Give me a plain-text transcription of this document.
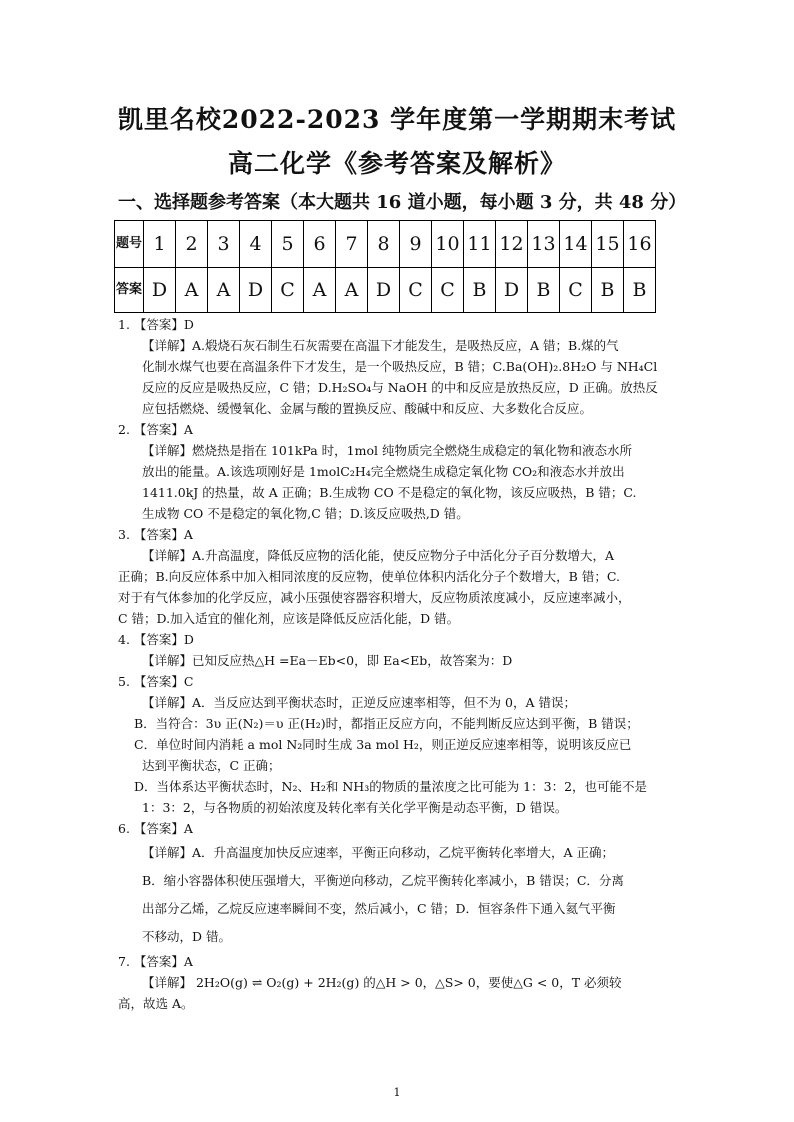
凯里名校2022-2023 学年度第一学期期末考试
高二化学《参考答案及解析》
一、选择题参考答案（本大题共 16 道小题，每小题 3 分，共 48 分）
题号	1	2	3	4	5	6	7	8	9	10	11	12	13	14	15	16
答案	D	A	A	D	C	A	A	D	C	C	B	D	B	C	B	B

1. 【答案】D

【详解】A.煅烧石灰石制生石灰需要在高温下才能发生，是吸热反应，A 错；B.煤的气

化制水煤气也要在高温条件下才发生，是一个吸热反应，B 错；C.Ba(OH)₂.8H₂O 与 NH₄Cl

反应的反应是吸热反应，C 错；D.H₂SO₄与 NaOH 的中和反应是放热反应，D 正确。放热反

应包括燃烧、缓慢氧化、金属与酸的置换反应、酸碱中和反应、大多数化合反应。

2. 【答案】A

【详解】燃烧热是指在 101kPa 时，1mol 纯物质完全燃烧生成稳定的氧化物和液态水所

放出的能量。A.该选项刚好是 1molC₂H₄完全燃烧生成稳定氧化物 CO₂和液态水并放出

1411.0kJ 的热量，故 A 正确；B.生成物 CO 不是稳定的氧化物，该反应吸热，B 错；C.

生成物 CO 不是稳定的氧化物,C 错；D.该反应吸热,D 错。

3. 【答案】A

【详解】A.升高温度，降低反应物的活化能，使反应物分子中活化分子百分数增大，A

正确；B.向反应体系中加入相同浓度的反应物，使单位体积内活化分子个数增大，B 错；C.

对于有气体参加的化学反应，减小压强使容器容积增大，反应物质浓度减小，反应速率减小，

C 错；D.加入适宜的催化剂，应该是降低反应活化能，D 错。

4. 【答案】D

【详解】已知反应热△H =Ea－Eb<0，即 Ea<Eb，故答案为：D

5. 【答案】C

【详解】A．当反应达到平衡状态时，正逆反应速率相等，但不为 0，A 错误；

B．当符合：3υ 正(N₂)＝υ 正(H₂)时，都指正反应方向，不能判断反应达到平衡，B 错误；

C．单位时间内消耗 a mol N₂同时生成 3a mol H₂，则正逆反应速率相等，说明该反应已

达到平衡状态，C 正确；

D．当体系达平衡状态时，N₂、H₂和 NH₃的物质的量浓度之比可能为 1：3：2，也可能不是

1：3：2，与各物质的初始浓度及转化率有关化学平衡是动态平衡，D 错误。

6. 【答案】A

【详解】A．升高温度加快反应速率，平衡正向移动，乙烷平衡转化率增大，A 正确；

B．缩小容器体积使压强增大，平衡逆向移动，乙烷平衡转化率减小，B 错误；C．分离

出部分乙烯，乙烷反应速率瞬间不变，然后减小，C 错；D．恒容条件下通入氦气平衡

不移动，D 错。

7. 【答案】A

【详解】 2H₂O(g) ⇌ O₂(g) + 2H₂(g) 的△H > 0，△S> 0，要使△G < 0，T 必须较

高，故选 A。

1
